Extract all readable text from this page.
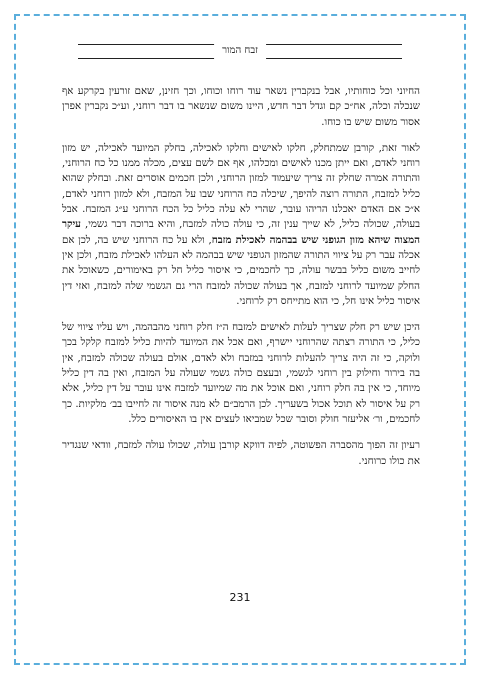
זבח המור

החיוני וכל כוחותיו, אבל בנקברין נשאר עוד רוחו וכוחו, וכך חזינן, שאם זורעין בקרקע אף שנכלה וכלה, אח״כ קם וגדל דבר חדש, היינו משום שנשאר בו דבר רוחני, וע״כ נקברין אפרן אסור משום שיש בו כוחו.

לאור זאת, קורבן שמתחלק, חלקו לאישים וחלקו לאכילה, בחלק המיועד לאכילה, יש מזון רוחני לאדם, ואם ייתן מכנו לאישים ומכלהו, אף אם לשם עצים, מכלה ממנו כל כח הרוחני, והתורה אמרה שחלק זה צריך שיעמוד למזון הרוחני, ולכן חכמים אוסרים זאת. ובחלק שהוא כליל למזבח, התורה רוצה להיפך, שיכלה כח הרוחני שבו על המזבח, ולא למזון רוחני לאדם, א״כ אם האדם יאכלנו הריהו עובר, שהרי לא עלה כליל כל הכח הרוחני ע״ג המזבח. אבל בעולה, שכולה כליל, לא שייך ענין זה, כי עולה כולה למזבח, והיא ברוכה דבר גשמי, עיקר המצוה שיהא מזון הגופני שיש בבהמה לאכילת מזבח, ולא על כח הרוחני שיש בה, לכן אם אכלה עבר רק על ציווי התורה שהמזון הגופני שיש בבהמה לא העלהו לאכילת מזבח, ולכן אין לחייב משום כליל בבשר עולה, כך לחכמים, כי איסור כליל חל רק באימורים, כשאוכל את החלק שמיועד לרוחני למזבח, אך בעולה שכולה למזבח הרי גם הגשמי שלה למזבח, ואזי דין איסור כליל אינו חל, כי הוא מתייחס רק לרוחני.

היכן שיש רק חלק שצריך לעלות לאישים למזבח ה״ז חלק רוחני מהבהמה, ויש עליו ציווי של כליל, כי התורה רצתה שהרוחני יישרף, ואם אכל את המיועד להיות כליל למזבח קלקל בכך ולוקה, כי זה היה צריך להעלות לרוחני במזבח ולא לאדם, אולם בעולה שכולה למזבח, אין בה בירור וחילוק בין רוחני לגשמי, ובעצם כולה גשמי שעולה על המזבח, ואין בה דין כליל מיוחד, כי אין בה חלק רוחני, ואם אוכל את מה שמיועד למזבח אינו עובר על דין כליל, אלא רק על איסור לא תוכל אכול בשעריך. לכן הרמב״ם לא מנה איסור זה לחייבו בב׳ מלקיות. כך לחכמים, ור׳ אליעזר חולק וסובר שכל שמביאו לעצים אין בו האיסורים כלל.

רעיון זה הפוך מהסברה הפשוטה, לפיה דווקא קורבן עולה, שכולו עולה למזבח, וודאי שנגדיר את כולו כרוחני.

231
